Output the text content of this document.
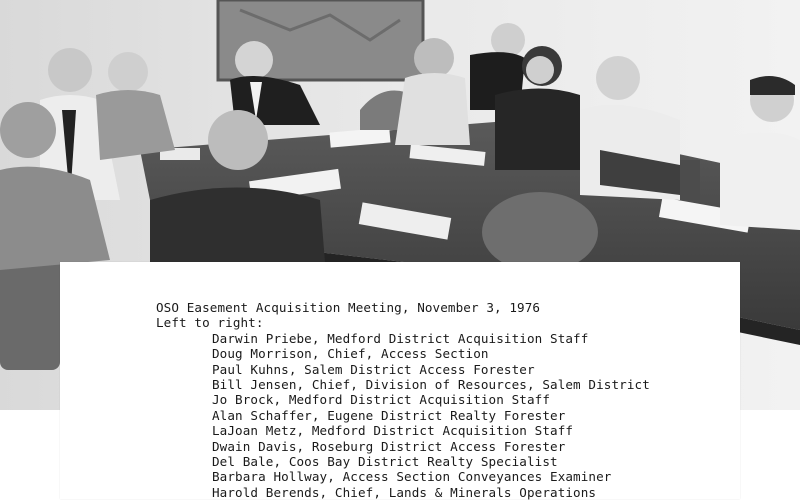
OSO Easement Acquisition Meeting, November 3, 1976
Left to right:
Darwin Priebe, Medford District Acquisition Staff
Doug Morrison, Chief, Access Section
Paul Kuhns, Salem District Access Forester
Bill Jensen, Chief, Division of Resources, Salem District
Jo Brock, Medford District Acquisition Staff
Alan Schaffer, Eugene District Realty Forester
LaJoan Metz, Medford District Acquisition Staff
Dwain Davis, Roseburg District Access Forester
Del Bale, Coos Bay District Realty Specialist
Barbara Hollway, Access Section Conveyances Examiner
Harold Berends, Chief, Lands & Minerals Operations
